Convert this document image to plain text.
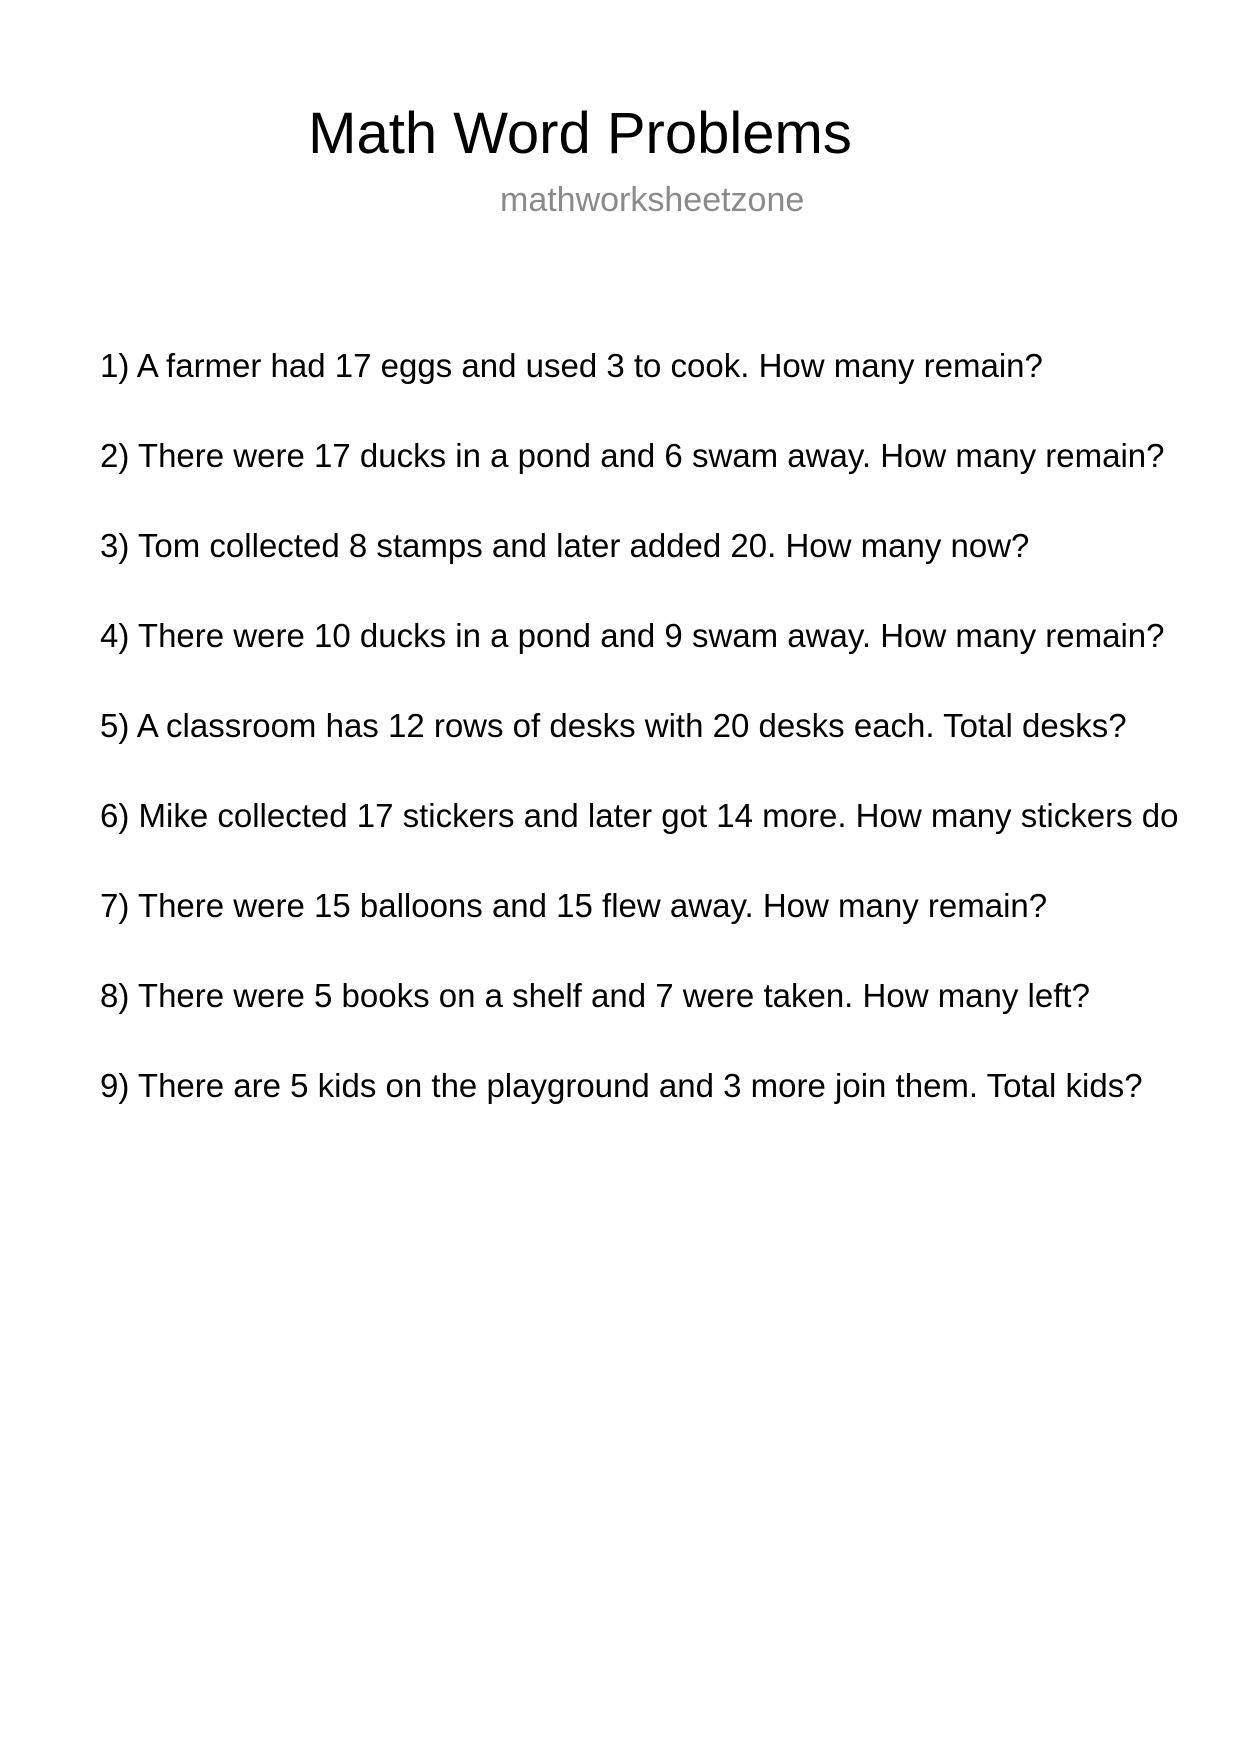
Math Word Problems
mathworksheetzone
1) A farmer had 17 eggs and used 3 to cook. How many remain?
2) There were 17 ducks in a pond and 6 swam away. How many remain?
3) Tom collected 8 stamps and later added 20. How many now?
4) There were 10 ducks in a pond and 9 swam away. How many remain?
5) A classroom has 12 rows of desks with 20 desks each. Total desks?
6) Mike collected 17 stickers and later got 14 more. How many stickers do
7) There were 15 balloons and 15 flew away. How many remain?
8) There were 5 books on a shelf and 7 were taken. How many left?
9) There are 5 kids on the playground and 3 more join them. Total kids?
